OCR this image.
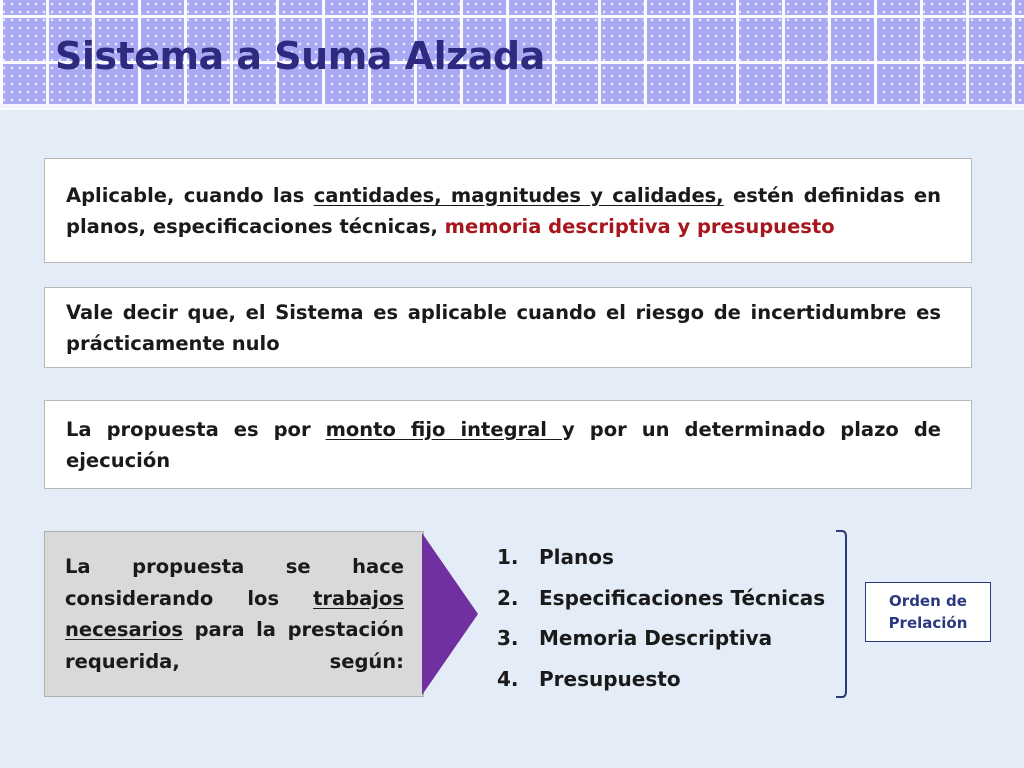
Sistema a Suma Alzada

Aplicable, cuando las cantidades, magnitudes y calidades, estén definidas en planos, especificaciones técnicas, memoria descriptiva y presupuesto

Vale decir que, el Sistema es aplicable cuando el riesgo de incertidumbre es prácticamente nulo

La propuesta es por monto fijo integral y por un determinado plazo de ejecución

La propuesta se hace considerando los trabajos necesarios para la prestación requerida, según:

1. Planos
2. Especificaciones Técnicas
3. Memoria Descriptiva
4. Presupuesto
Orden de
Prelación
